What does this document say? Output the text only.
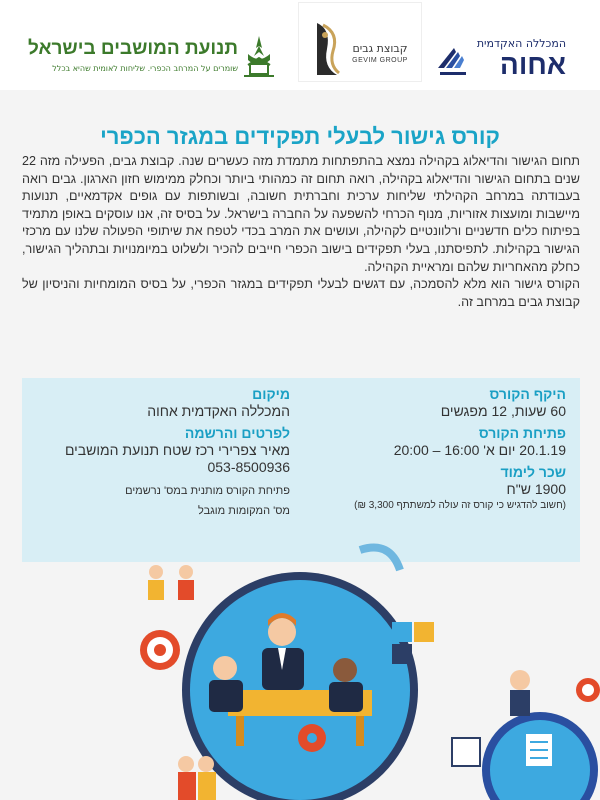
המכללה האקדמית
אחוה
קבוצת גבים
GEVIM GROUP
תנועת המושבים בישראל
שומרים על המרחב הכפרי. שליחות לאומית שהיא בכלל
קורס גישור לבעלי תפקידים במגזר הכפרי

תחום הגישור והדיאלוג בקהילה נמצא בהתפתחות מתמדת מזה כעשרים שנה. קבוצת גבים, הפעילה מזה 22 שנים בתחום הגישור והדיאלוג בקהילה, רואה תחום זה כמהותי ביותר וכחלק ממימוש חזון הארגון. גבים רואה בעבודתה במרחב הקהילתי שליחות ערכית וחברתית חשובה, ובשותפות עם גופים אקדמאיים, תנועות מיישבות ומועצות אזוריות, מנוף הכרחי להשפעה על החברה בישראל. על בסיס זה, אנו עוסקים באופן מתמיד בפיתוח כלים חדשניים ורלוונטיים לקהילה, ועושים את המרב בכדי לטפח את שיתופי הפעולה שלנו עם מרכזי הגישור בקהילות. לתפיסתנו, בעלי תפקידים בישוב הכפרי חייבים להכיר ולשלוט במיומנויות ובתהליך הגישור, כחלק מהאחריות שלהם ומראיית הקהילה.

הקורס גישור הוא מלא להסמכה, עם דגשים לבעלי תפקידים במגזר הכפרי, על בסיס המומחיות והניסיון של קבוצת גבים במרחב זה.

היקף הקורס
60 שעות, 12 מפגשים
פתיחת הקורס
20.1.19 יום א' 16:00 – 20:00
שכר לימוד
1900 ש"ח
(חשוב להדגיש כי קורס זה עולה למשתתף 3,300 ₪)
מיקום
המכללה האקדמית אחוה
לפרטים והרשמה
מאיר צפרירי רכז שטח תנועת המושבים
053-8500936
פתיחת הקורס מותנית במס' נרשמים
מס' המקומות מוגבל
